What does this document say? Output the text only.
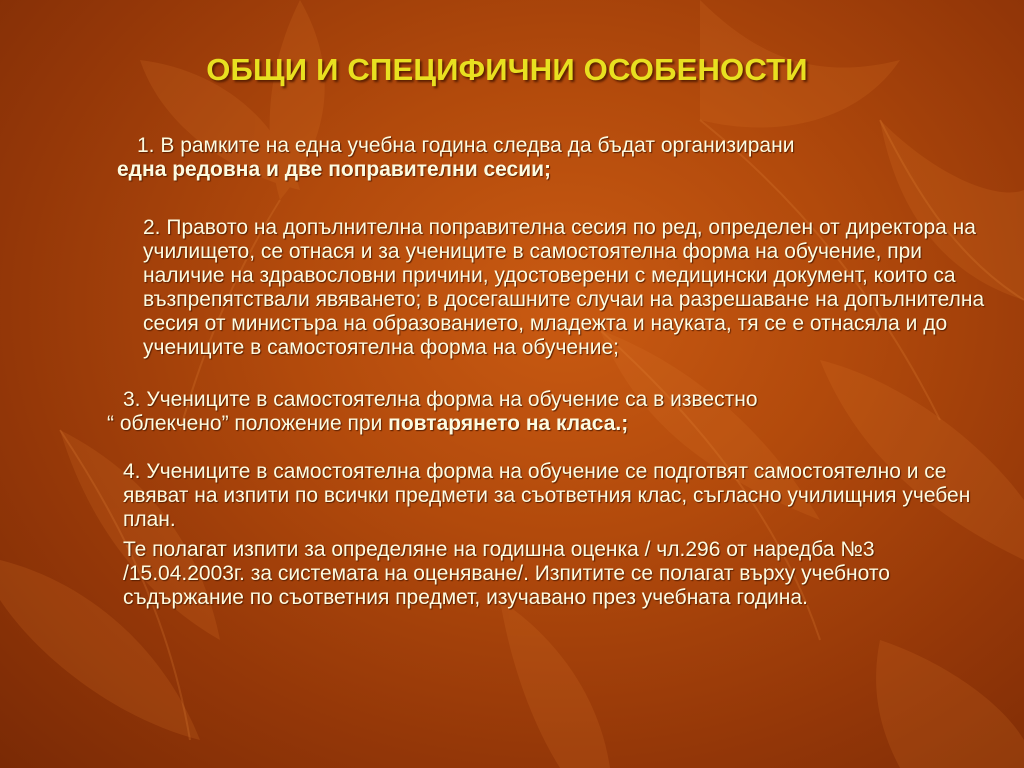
ОБЩИ И СПЕЦИФИЧНИ ОСОБЕНОСТИ

1. В рамките на една учебна година следва да бъдат организирани
една редовна и две поправителни сесии;

2. Правото на допълнителна поправителна сесия по ред, определен от директора на училището, се отнася и за учениците в самостоятелна форма на обучение, при наличие на здравословни причини, удостоверени с медицински документ, които са възпрепятствали явяването; в досегашните случаи на разрешаване на допълнителна сесия от министъра на образованието, младежта и науката, тя се е отнасяла и до учениците в самостоятелна форма на обучение;

3. Учениците в самостоятелна форма на обучение са в известно
“ облекчено” положение при повтарянето на класа.;

4. Учениците в самостоятелна форма на обучение се подготвят самостоятелно и се явяват на изпити по всички предмети за съответния клас, съгласно училищния учебен план.

Те полагат изпити за определяне на годишна оценка / чл.296 от наредба №3 /15.04.2003г. за системата на оценяване/. Изпитите се полагат върху учебното съдържание по съответния предмет, изучавано през учебната година.
